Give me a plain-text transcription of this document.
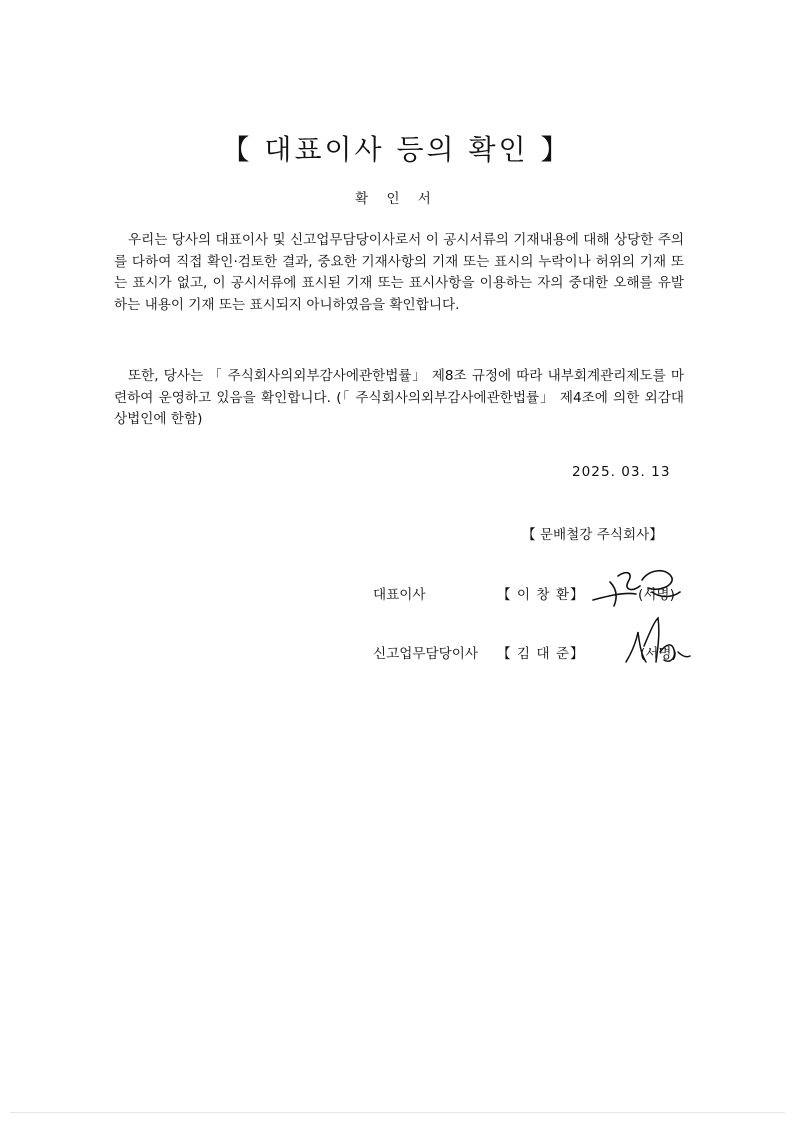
【 대표이사 등의 확인 】
확 인 서

우리는 당사의 대표이사 및 신고업무담당이사로서 이 공시서류의 기재내용에 대해 상당한 주의를 다하여 직접 확인·검토한 결과, 중요한 기재사항의 기재 또는 표시의 누락이나 허위의 기재 또는 표시가 없고, 이 공시서류에 표시된 기재 또는 표시사항을 이용하는 자의 중대한 오해를 유발하는 내용이 기재 또는 표시되지 아니하였음을 확인합니다.

또한, 당사는 「 주식회사의외부감사에관한법률」 제8조 규정에 따라 내부회계관리제도를 마련하여 운영하고 있음을 확인합니다. (「 주식회사의외부감사에관한법률」 제4조에 의한 외감대상법인에 한함)

2025. 03. 13
【 문배철강 주식회사】
대표이사	【 이 창 환】	(서명)
신고업무담당이사 【 김 대 준】	(서명)
